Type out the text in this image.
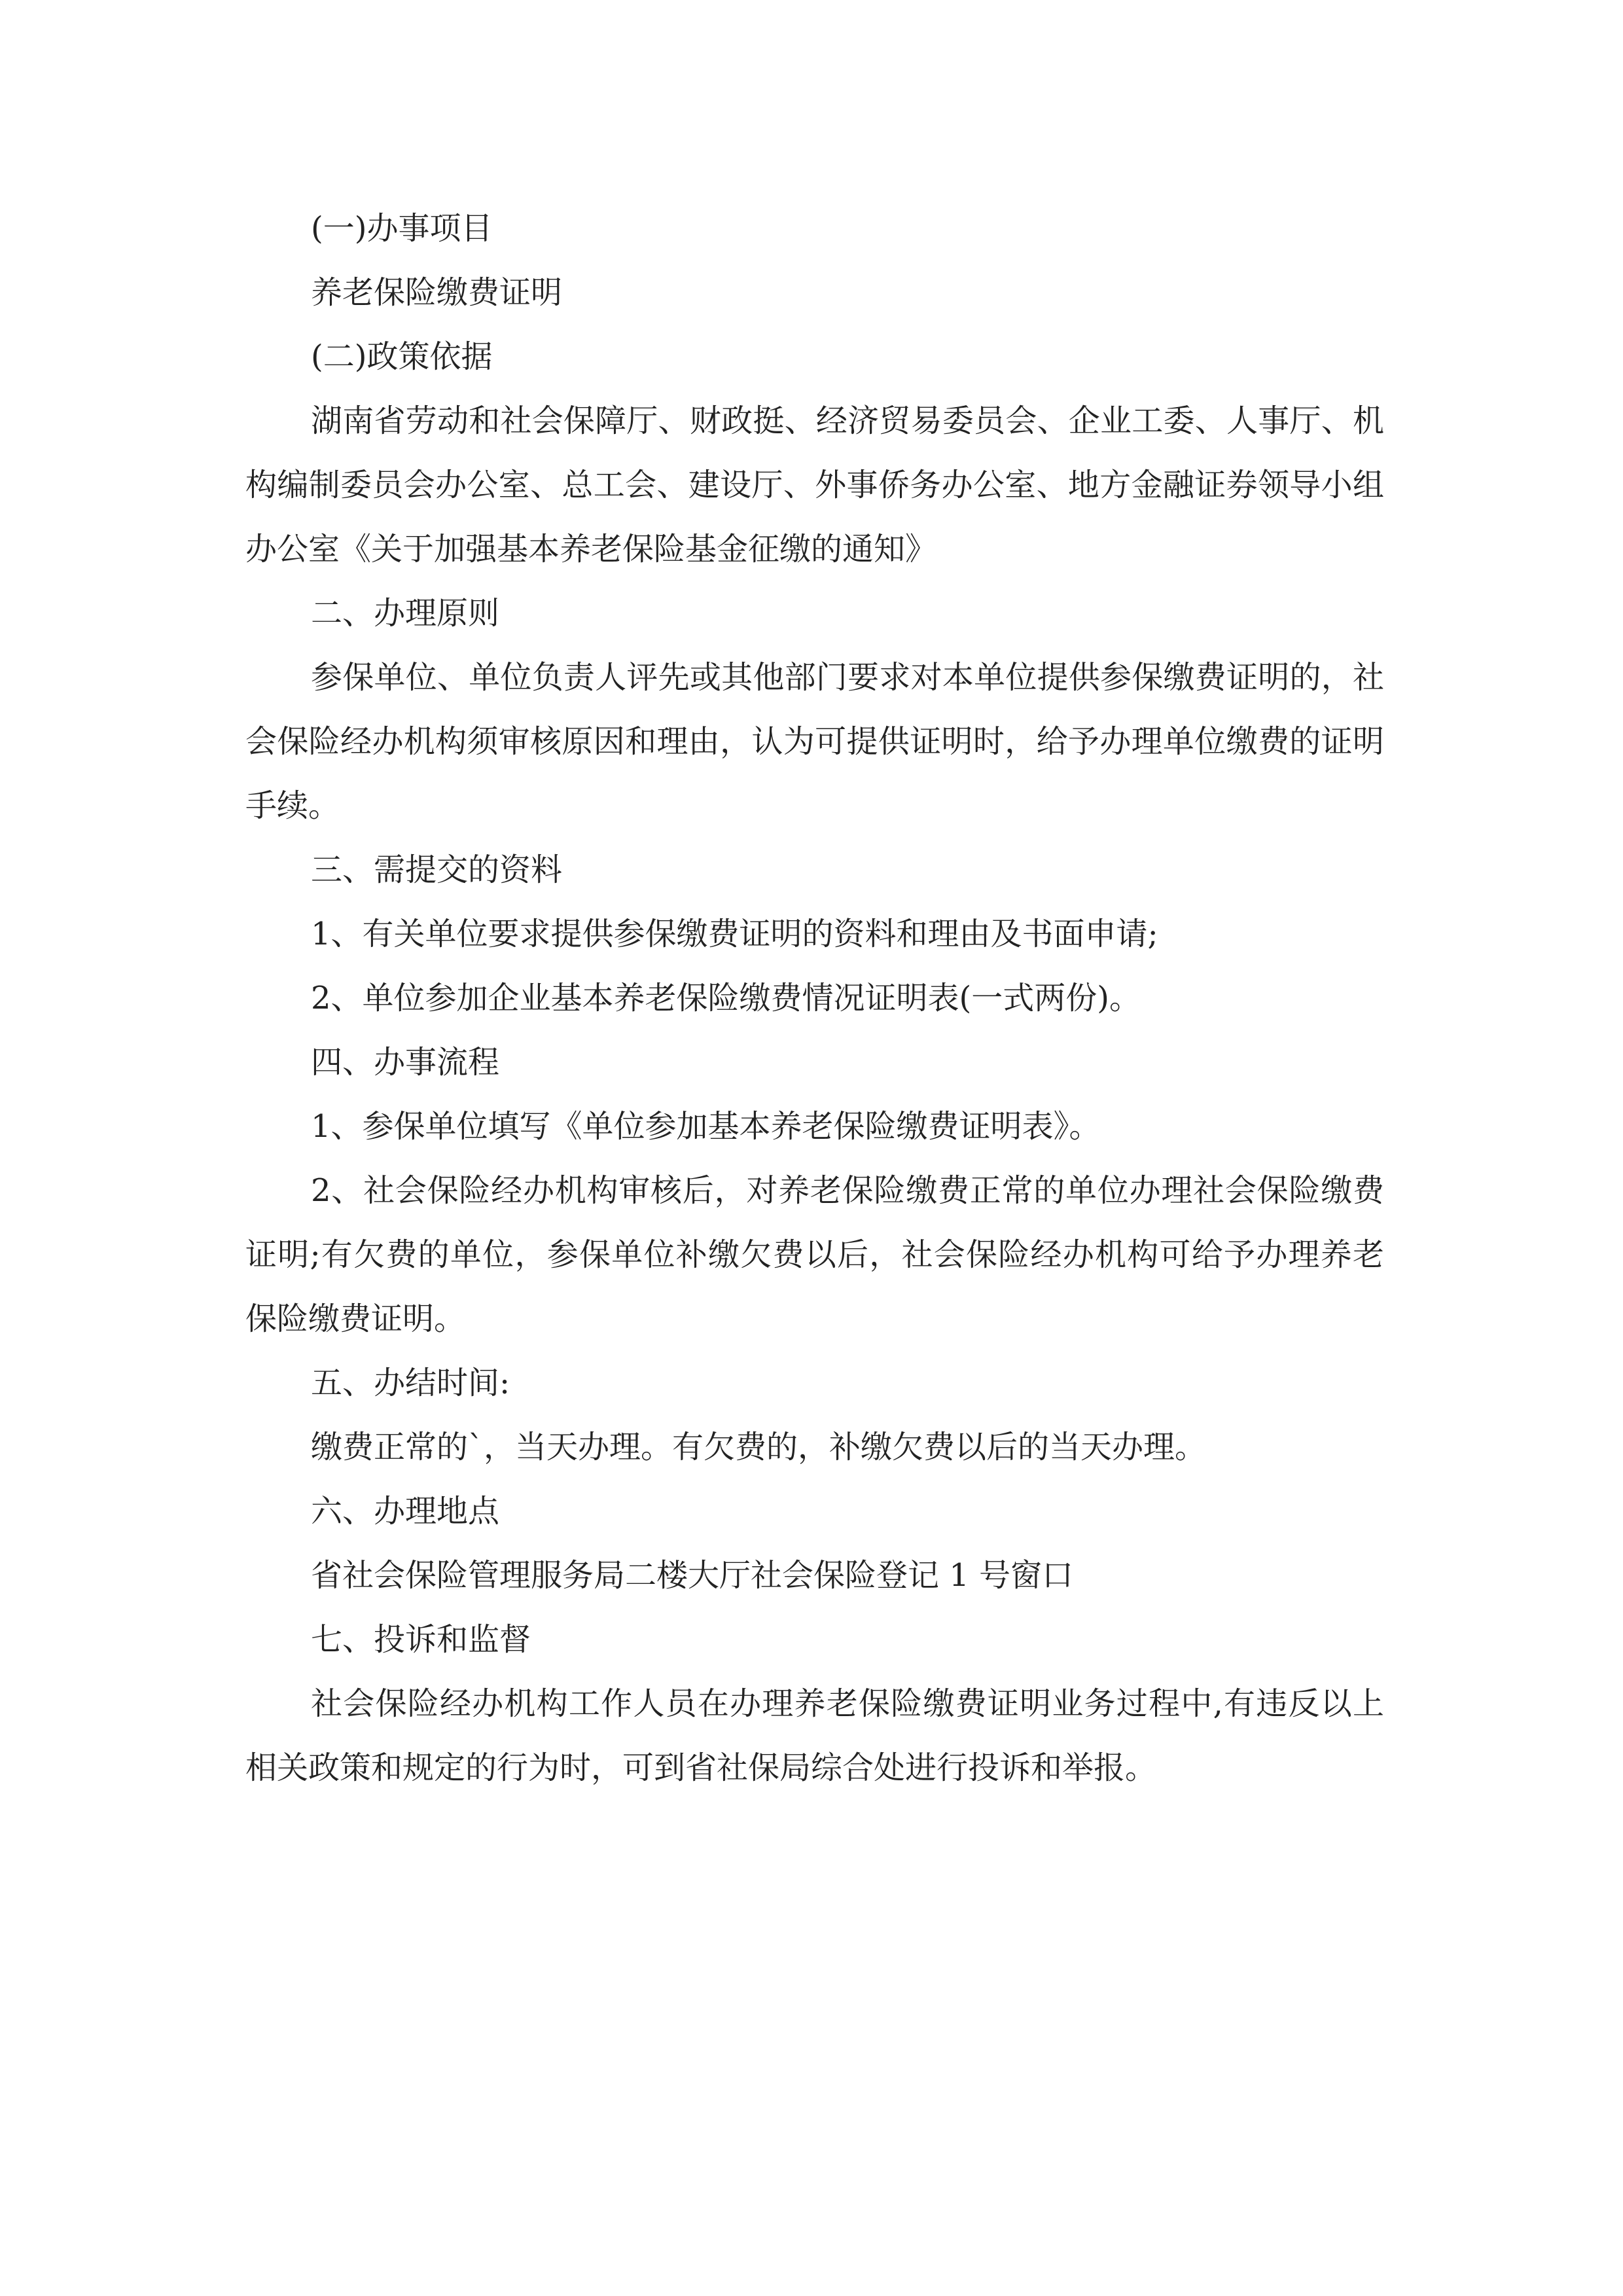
(一)办事项目

养老保险缴费证明

(二)政策依据

湖南省劳动和社会保障厅、财政挺、经济贸易委员会、企业工委、人事厅、机构编制委员会办公室、总工会、建设厅、外事侨务办公室、地方金融证券领导小组办公室《关于加强基本养老保险基金征缴的通知》

二、办理原则

参保单位、单位负责人评先或其他部门要求对本单位提供参保缴费证明的，社会保险经办机构须审核原因和理由，认为可提供证明时，给予办理单位缴费的证明手续。

三、需提交的资料

1、有关单位要求提供参保缴费证明的资料和理由及书面申请;

2、单位参加企业基本养老保险缴费情况证明表(一式两份)。

四、办事流程

1、参保单位填写《单位参加基本养老保险缴费证明表》。

2、社会保险经办机构审核后，对养老保险缴费正常的单位办理社会保险缴费证明;有欠费的单位，参保单位补缴欠费以后，社会保险经办机构可给予办理养老保险缴费证明。

五、办结时间:

缴费正常的`，当天办理。有欠费的，补缴欠费以后的当天办理。

六、办理地点

省社会保险管理服务局二楼大厅社会保险登记 1 号窗口

七、投诉和监督

社会保险经办机构工作人员在办理养老保险缴费证明业务过程中,有违反以上相关政策和规定的行为时，可到省社保局综合处进行投诉和举报。
